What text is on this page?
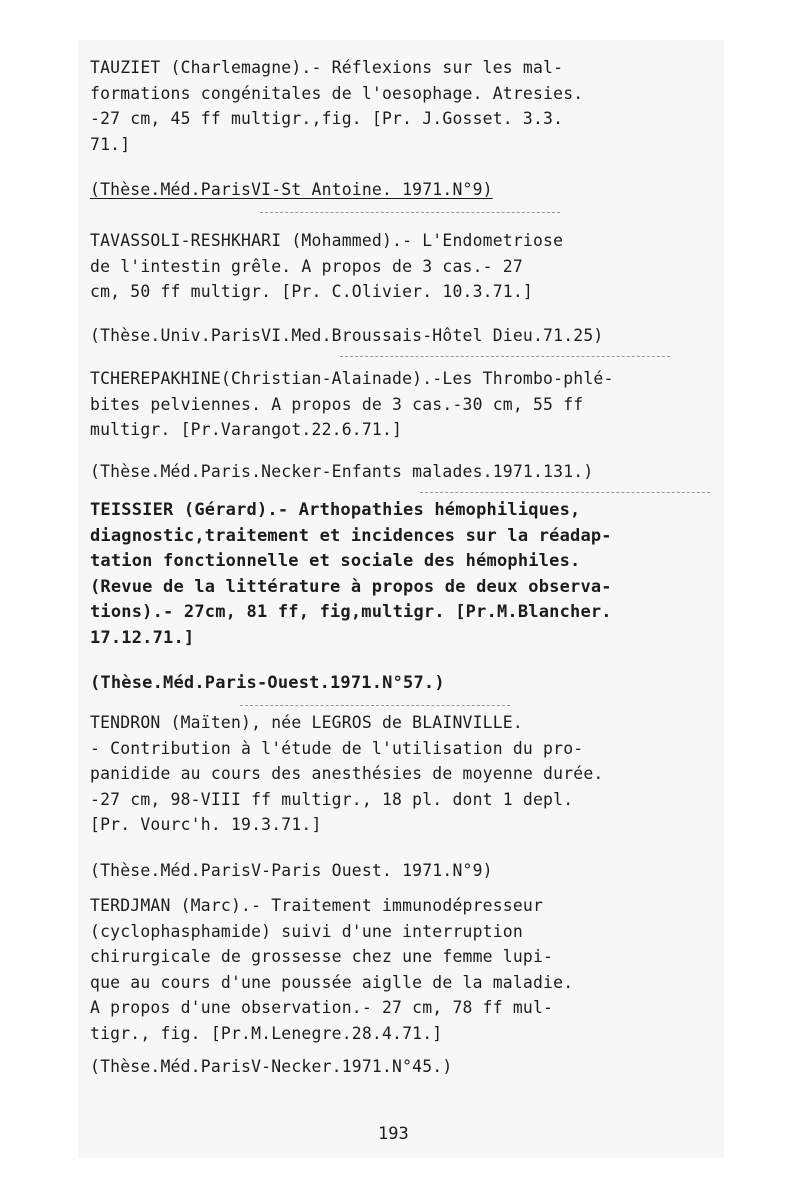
TAUZIET (Charlemagne).- Réflexions sur les mal-
formations congénitales de l'oesophage. Atresies.
-27 cm, 45 ff multigr.,fig. [Pr. J.Gosset. 3.3.
71.]
(Thèse.Méd.ParisVI-St Antoine. 1971.N°9)
TAVASSOLI-RESHKHARI (Mohammed).- L'Endometriose
de l'intestin grêle. A propos de 3 cas.- 27
cm, 50 ff multigr. [Pr. C.Olivier. 10.3.71.]
(Thèse.Univ.ParisVI.Med.Broussais-Hôtel Dieu.71.25)
TCHEREPAKHINE(Christian-Alainade).-Les Thrombo-phlé-
bites pelviennes. A propos de 3 cas.-30 cm, 55 ff
multigr. [Pr.Varangot.22.6.71.]
(Thèse.Méd.Paris.Necker-Enfants malades.1971.131.)
TEISSIER (Gérard).- Arthopathies hémophiliques,
diagnostic,traitement et incidences sur la réadap-
tation fonctionnelle et sociale des hémophiles.
(Revue de la littérature à propos de deux observa-
tions).- 27cm, 81 ff, fig,multigr. [Pr.M.Blancher.
17.12.71.]
(Thèse.Méd.Paris-Ouest.1971.N°57.)
TENDRON (Maïten), née LEGROS de BLAINVILLE.
- Contribution à l'étude de l'utilisation du pro-
panidide au cours des anesthésies de moyenne durée.
-27 cm, 98-VIII ff multigr., 18 pl. dont 1 depl.
[Pr. Vourc'h. 19.3.71.]
(Thèse.Méd.ParisV-Paris Ouest. 1971.N°9)
TERDJMAN (Marc).- Traitement immunodépresseur
(cyclophasphamide) suivi d'une interruption
chirurgicale de grossesse chez une femme lupi-
que au cours d'une poussée aiglle de la maladie.
A propos d'une observation.- 27 cm, 78 ff mul-
tigr., fig. [Pr.M.Lenegre.28.4.71.]
(Thèse.Méd.ParisV-Necker.1971.N°45.)
193
